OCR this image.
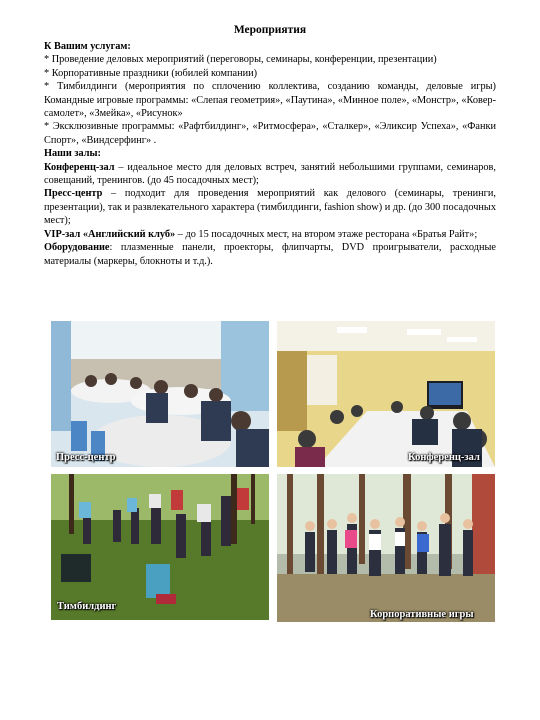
Мероприятия

К Вашим услугам:

* Проведение деловых мероприятий (переговоры, семинары, конференции, презентации)

* Корпоративные праздники (юбилей компании)

* Тимбилдинги (мероприятия по сплочению коллектива, созданию команды, деловые игры) Командные игровые программы: «Слепая геометрия», «Паутина», «Минное поле», «Монстр», «Ковер-самолет», «Змейка», «Рисунок»

* Эксклюзивные программы: «Рафтбилдинг», «Ритмосфера», «Сталкер», «Эликсир Успеха», «Фанки Спорт», «Виндсерфинг» .

Наши залы:

Конференц-зал – идеальное место для деловых встреч, занятий небольшими группами, семинаров, совещаний, тренингов. (до 45 посадочных мест);

Пресс-центр – подходит для проведения мероприятий как делового (семинары, тренинги, презентации), так и развлекательного характера (тимбилдинги, fashion show) и др. (до 300 посадочных мест);

VIP-зал «Английский клуб» – до 15 посадочных мест, на втором этаже ресторана «Братья Райт»;

Оборудование: плазменные панели, проекторы, флипчарты, DVD проигрыватели, расходные материалы (маркеры, блокноты и т.д.).

Пресс-центр	Конференц-зал
Тимбилдинг
Корпоративные игры
